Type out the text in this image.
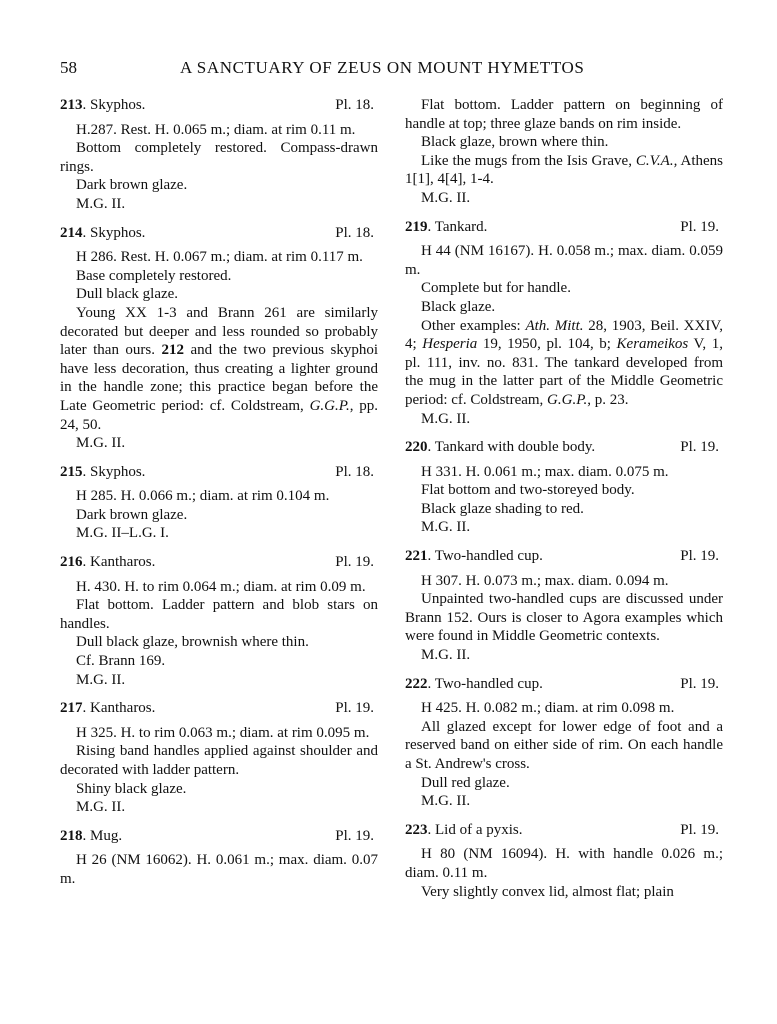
58	A SANCTUARY OF ZEUS ON MOUNT HYMETTOS
213. Skyphos.	Pl. 18.

H.287. Rest. H. 0.065 m.; diam. at rim 0.11 m.

Bottom completely restored. Compass-drawn rings.

Dark brown glaze.

M.G. II.

214. Skyphos.	Pl. 18.

H 286. Rest. H. 0.067 m.; diam. at rim 0.117 m.

Base completely restored.

Dull black glaze.

Young XX 1-3 and Brann 261 are similarly decorated but deeper and less rounded so probably later than ours. 212 and the two previous skyphoi have less decoration, thus creating a lighter ground in the handle zone; this practice began before the Late Geometric period: cf. Coldstream, G.G.P., pp. 24, 50.

M.G. II.

215. Skyphos.	Pl. 18.

H 285. H. 0.066 m.; diam. at rim 0.104 m.

Dark brown glaze.

M.G. II–L.G. I.

216. Kantharos.	Pl. 19.

H. 430. H. to rim 0.064 m.; diam. at rim 0.09 m.

Flat bottom. Ladder pattern and blob stars on handles.

Dull black glaze, brownish where thin.

Cf. Brann 169.

M.G. II.

217. Kantharos.	Pl. 19.

H 325. H. to rim 0.063 m.; diam. at rim 0.095 m.

Rising band handles applied against shoulder and decorated with ladder pattern.

Shiny black glaze.

M.G. II.

218. Mug.	Pl. 19.

H 26 (NM 16062). H. 0.061 m.; max. diam. 0.07 m.

Flat bottom. Ladder pattern on beginning of handle at top; three glaze bands on rim inside.

Black glaze, brown where thin.

Like the mugs from the Isis Grave, C.V.A., Athens 1[1], 4[4], 1-4.

M.G. II.

219. Tankard.	Pl. 19.

H 44 (NM 16167). H. 0.058 m.; max. diam. 0.059 m.

Complete but for handle.

Black glaze.

Other examples: Ath. Mitt. 28, 1903, Beil. XXIV, 4; Hesperia 19, 1950, pl. 104, b; Kerameikos V, 1, pl. 111, inv. no. 831. The tankard developed from the mug in the latter part of the Middle Geometric period: cf. Coldstream, G.G.P., p. 23.

M.G. II.

220. Tankard with double body.	Pl. 19.

H 331. H. 0.061 m.; max. diam. 0.075 m.

Flat bottom and two-storeyed body.

Black glaze shading to red.

M.G. II.

221. Two-handled cup.	Pl. 19.

H 307. H. 0.073 m.; max. diam. 0.094 m.

Unpainted two-handled cups are discussed under Brann 152. Ours is closer to Agora examples which were found in Middle Geometric contexts.

M.G. II.

222. Two-handled cup.	Pl. 19.

H 425. H. 0.082 m.; diam. at rim 0.098 m.

All glazed except for lower edge of foot and a reserved band on either side of rim. On each handle a St. Andrew's cross.

Dull red glaze.

M.G. II.

223. Lid of a pyxis.	Pl. 19.

H 80 (NM 16094). H. with handle 0.026 m.; diam. 0.11 m.

Very slightly convex lid, almost flat; plain
